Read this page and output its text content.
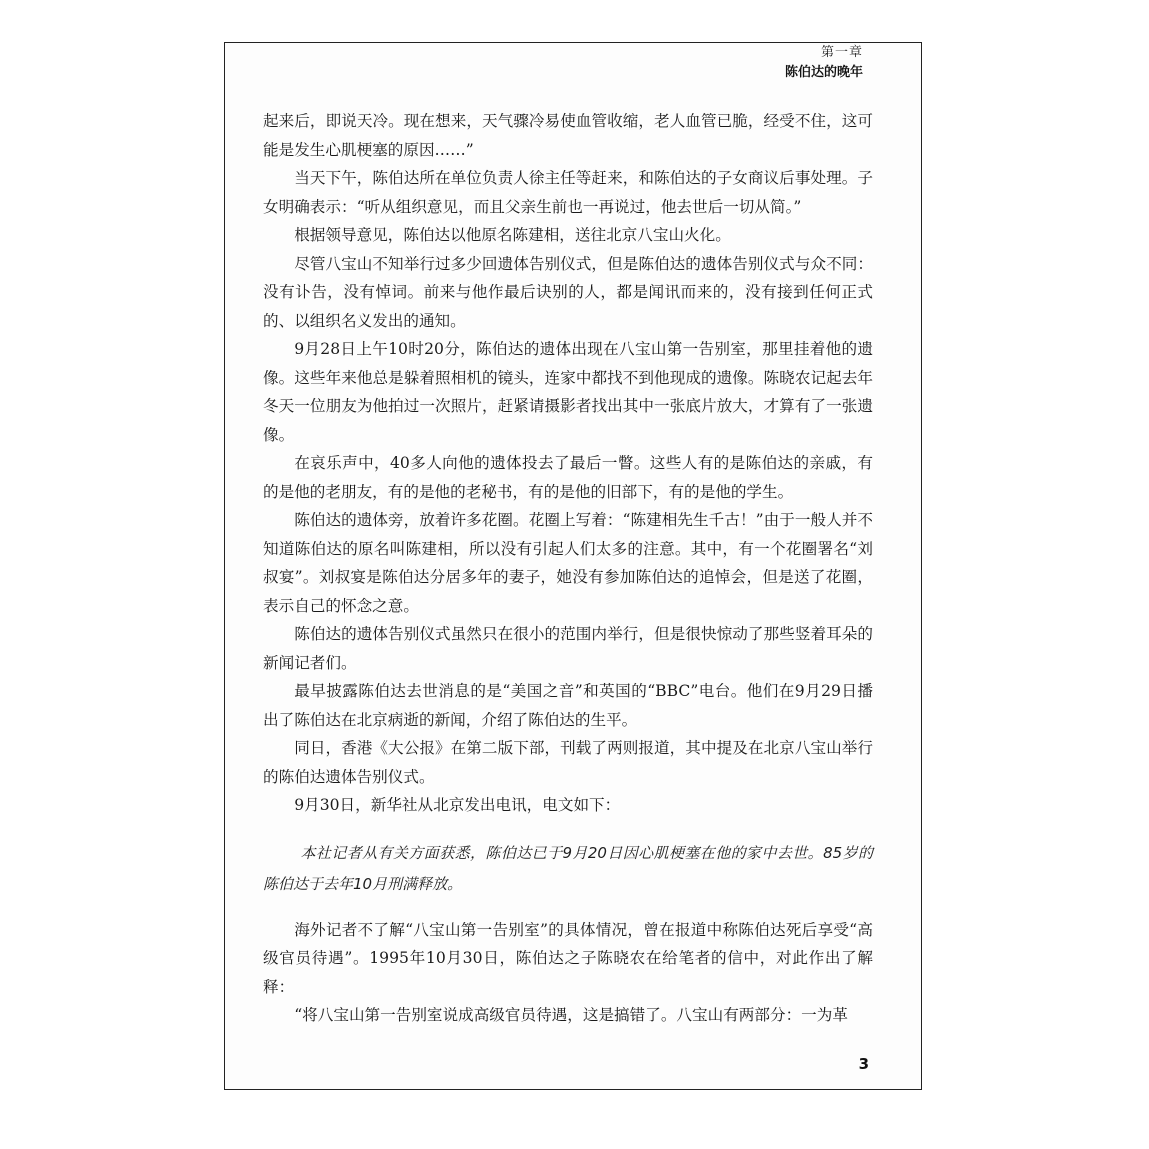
第一章
陈伯达的晚年

起来后，即说天冷。现在想来，天气骤冷易使血管收缩，老人血管已脆，经受不住，这可能是发生心肌梗塞的原因……”

当天下午，陈伯达所在单位负责人徐主任等赶来，和陈伯达的子女商议后事处理。子女明确表示：“听从组织意见，而且父亲生前也一再说过，他去世后一切从简。”

根据领导意见，陈伯达以他原名陈建相，送往北京八宝山火化。

尽管八宝山不知举行过多少回遗体告别仪式，但是陈伯达的遗体告别仪式与众不同：没有讣告，没有悼词。前来与他作最后诀别的人，都是闻讯而来的，没有接到任何正式的、以组织名义发出的通知。

9月28日上午10时20分，陈伯达的遗体出现在八宝山第一告别室，那里挂着他的遗像。这些年来他总是躲着照相机的镜头，连家中都找不到他现成的遗像。陈晓农记起去年冬天一位朋友为他拍过一次照片，赶紧请摄影者找出其中一张底片放大，才算有了一张遗像。

在哀乐声中，40多人向他的遗体投去了最后一瞥。这些人有的是陈伯达的亲戚，有的是他的老朋友，有的是他的老秘书，有的是他的旧部下，有的是他的学生。

陈伯达的遗体旁，放着许多花圈。花圈上写着：“陈建相先生千古！”由于一般人并不知道陈伯达的原名叫陈建相，所以没有引起人们太多的注意。其中，有一个花圈署名“刘叔宴”。刘叔宴是陈伯达分居多年的妻子，她没有参加陈伯达的追悼会，但是送了花圈，表示自己的怀念之意。

陈伯达的遗体告别仪式虽然只在很小的范围内举行，但是很快惊动了那些竖着耳朵的新闻记者们。

最早披露陈伯达去世消息的是“美国之音”和英国的“BBC”电台。他们在9月29日播出了陈伯达在北京病逝的新闻，介绍了陈伯达的生平。

同日，香港《大公报》在第二版下部，刊载了两则报道，其中提及在北京八宝山举行的陈伯达遗体告别仪式。

9月30日，新华社从北京发出电讯，电文如下：

本社记者从有关方面获悉，陈伯达已于9月20日因心肌梗塞在他的家中去世。85岁的陈伯达于去年10月刑满释放。

海外记者不了解“八宝山第一告别室”的具体情况，曾在报道中称陈伯达死后享受“高级官员待遇”。1995年10月30日，陈伯达之子陈晓农在给笔者的信中，对此作出了解释：

“将八宝山第一告别室说成高级官员待遇，这是搞错了。八宝山有两部分：一为革

3
